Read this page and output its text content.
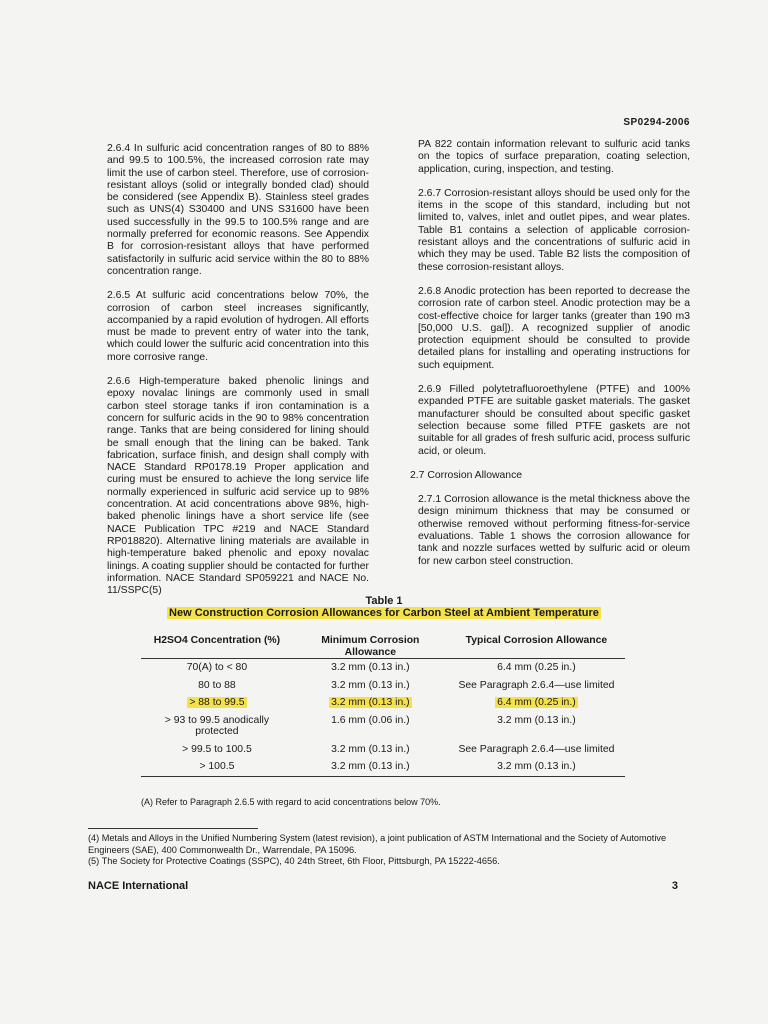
SP0294-2006

2.6.4 In sulfuric acid concentration ranges of 80 to 88% and 99.5 to 100.5%, the increased corrosion rate may limit the use of carbon steel. Therefore, use of corrosion-resistant alloys (solid or integrally bonded clad) should be considered (see Appendix B). Stainless steel grades such as UNS(4) S30400 and UNS S31600 have been used successfully in the 99.5 to 100.5% range and are normally preferred for economic reasons. See Appendix B for corrosion-resistant alloys that have performed satisfactorily in sulfuric acid service within the 80 to 88% concentration range.

2.6.5 At sulfuric acid concentrations below 70%, the corrosion of carbon steel increases significantly, accompanied by a rapid evolution of hydrogen. All efforts must be made to prevent entry of water into the tank, which could lower the sulfuric acid concentration into this more corrosive range.

2.6.6 High-temperature baked phenolic linings and epoxy novalac linings are commonly used in small carbon steel storage tanks if iron contamination is a concern for sulfuric acids in the 90 to 98% concentration range. Tanks that are being considered for lining should be small enough that the lining can be baked. Tank fabrication, surface finish, and design shall comply with NACE Standard RP0178.19 Proper application and curing must be ensured to achieve the long service life normally experienced in sulfuric acid service up to 98% concentration. At acid concentrations above 98%, high-baked phenolic linings have a short service life (see NACE Publication TPC #219 and NACE Standard RP018820). Alternative lining materials are available in high-temperature baked phenolic and epoxy novalac linings. A coating supplier should be contacted for further information. NACE Standard SP059221 and NACE No. 11/SSPC(5)

PA 822 contain information relevant to sulfuric acid tanks on the topics of surface preparation, coating selection, application, curing, inspection, and testing.

2.6.7 Corrosion-resistant alloys should be used only for the items in the scope of this standard, including but not limited to, valves, inlet and outlet pipes, and wear plates. Table B1 contains a selection of applicable corrosion-resistant alloys and the concentrations of sulfuric acid in which they may be used. Table B2 lists the composition of these corrosion-resistant alloys.

2.6.8 Anodic protection has been reported to decrease the corrosion rate of carbon steel. Anodic protection may be a cost-effective choice for larger tanks (greater than 190 m3 [50,000 U.S. gal]). A recognized supplier of anodic protection equipment should be consulted to provide detailed plans for installing and operating instructions for such equipment.

2.6.9 Filled polytetrafluoroethylene (PTFE) and 100% expanded PTFE are suitable gasket materials. The gasket manufacturer should be consulted about specific gasket selection because some filled PTFE gaskets are not suitable for all grades of fresh sulfuric acid, process sulfuric acid, or oleum.

2.7 Corrosion Allowance

2.7.1 Corrosion allowance is the metal thickness above the design minimum thickness that may be consumed or otherwise removed without performing fitness-for-service evaluations. Table 1 shows the corrosion allowance for tank and nozzle surfaces wetted by sulfuric acid or oleum for new carbon steel construction.

Table 1
New Construction Corrosion Allowances for Carbon Steel at Ambient Temperature
H2SO4 Concentration (%)	Minimum Corrosion Allowance	Typical Corrosion Allowance
70(A) to < 80	3.2 mm (0.13 in.)	6.4 mm (0.25 in.)
80 to 88	3.2 mm (0.13 in.)	See Paragraph 2.6.4—use limited
> 88 to 99.5	3.2 mm (0.13 in.)	6.4 mm (0.25 in.)
> 93 to 99.5 anodically protected	1.6 mm (0.06 in.)	3.2 mm (0.13 in.)
> 99.5 to 100.5	3.2 mm (0.13 in.)	See Paragraph 2.6.4—use limited
> 100.5	3.2 mm (0.13 in.)	3.2 mm (0.13 in.)
(A) Refer to Paragraph 2.6.5 with regard to acid concentrations below 70%.

(4) Metals and Alloys in the Unified Numbering System (latest revision), a joint publication of ASTM International and the Society of Automotive Engineers (SAE), 400 Commonwealth Dr., Warrendale, PA 15096.

(5) The Society for Protective Coatings (SSPC), 40 24th Street, 6th Floor, Pittsburgh, PA 15222-4656.

NACE International	3
